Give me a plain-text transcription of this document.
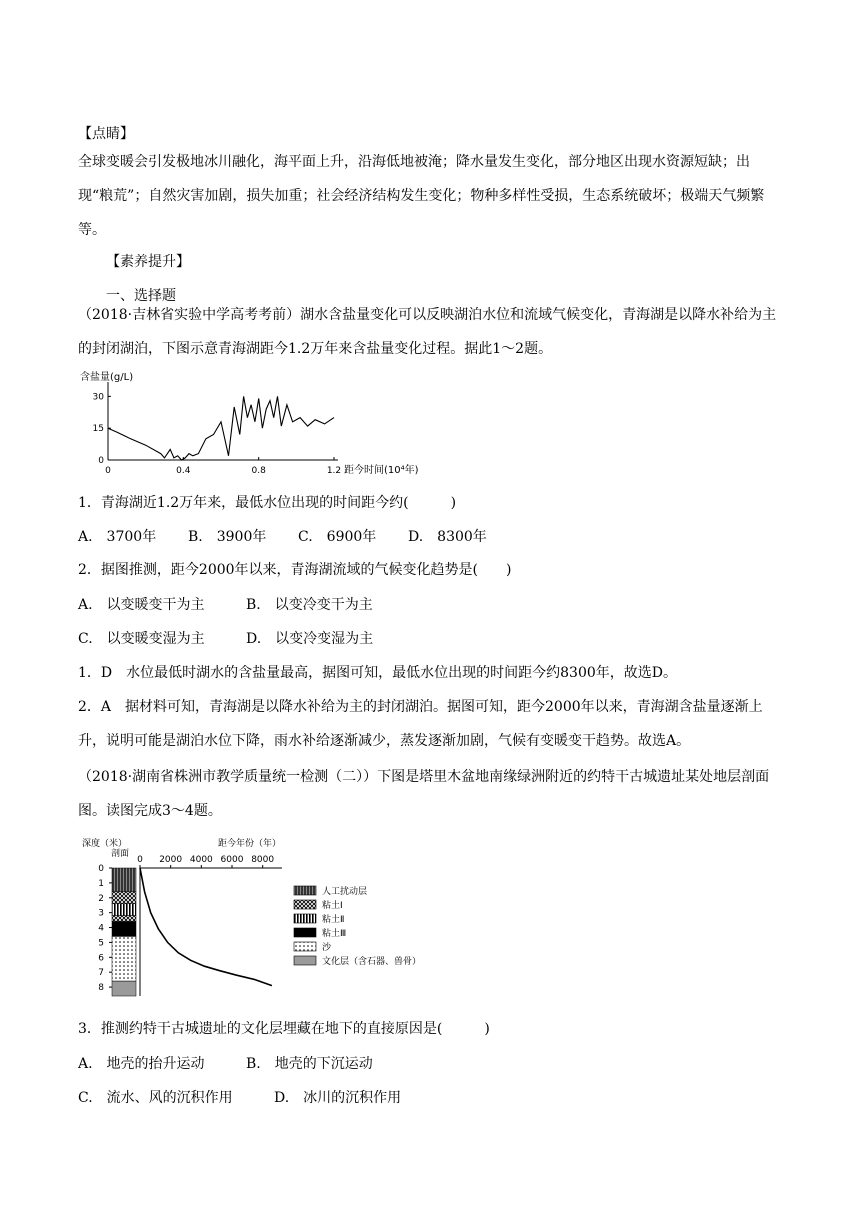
【点睛】

全球变暖会引发极地冰川融化，海平面上升，沿海低地被淹；降水量发生变化，部分地区出现水资源短缺；出现“粮荒”；自然灾害加剧，损失加重；社会经济结构发生变化；物种多样性受损，生态系统破坏；极端天气频繁等。

【素养提升】

一、选择题

（2018·吉林省实验中学高考考前）湖水含盐量变化可以反映湖泊水位和流域气候变化，青海湖是以降水补给为主的封闭湖泊，下图示意青海湖距今1.2万年来含盐量变化过程。据此1～2题。

含盐量(g/L)
0
15
30
0	0.4	0.8	1.2 距今时间(10⁴年)

1．青海湖近1.2万年来，最低水位出现的时间距今约(　　　)

A.　3700年 B.　3900年 C.　6900年 D.　8300年

2．据图推测，距今2000年以来，青海湖流域的气候变化趋势是(　　)

A.　以变暖变干为主	B.　以变冷变干为主

C.　以变暖变湿为主	D.　以变冷变湿为主

1．D　水位最低时湖水的含盐量最高，据图可知，最低水位出现的时间距今约8300年，故选D。

2．A　据材料可知，青海湖是以降水补给为主的封闭湖泊。据图可知，距今2000年以来，青海湖含盐量逐渐上升，说明可能是湖泊水位下降，雨水补给逐渐减少，蒸发逐渐加剧，气候有变暖变干趋势。故选A。

（2018·湖南省株洲市教学质量统一检测（二））下图是塔里木盆地南缘绿洲附近的约特干古城遗址某处地层剖面图。读图完成3～4题。

深度（米）
剖面
距今年份（年）
0
1
2
3
4
5
6
7
8
0 2000 4000 6000 8000
人工扰动层
粘土Ⅰ
粘土Ⅱ
粘土Ⅲ
沙
文化层（含石器、兽骨）

3．推测约特干古城遗址的文化层埋藏在地下的直接原因是(　　　)

A.　地壳的抬升运动	B.　地壳的下沉运动

C.　流水、风的沉积作用	D.　冰川的沉积作用
